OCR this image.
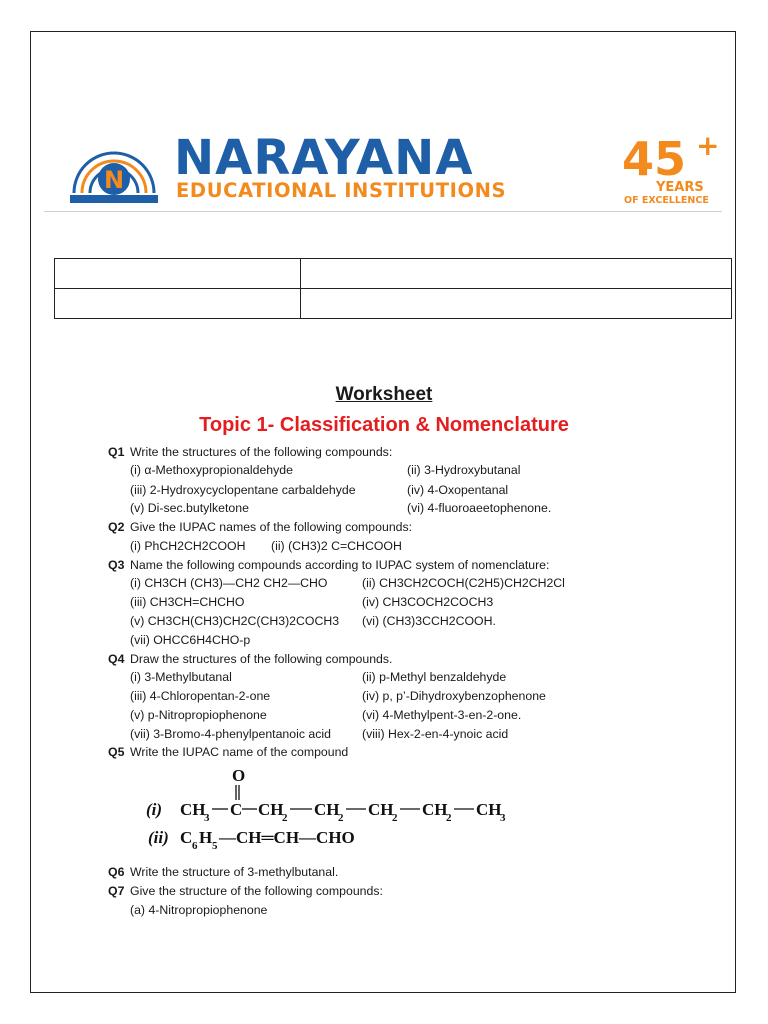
N NARAYANA
EDUCATIONAL INSTITUTIONS
45 +
YEARS
OF EXCELLENCE

Worksheet
Topic 1- Classification & Nomenclature
Q1 Write the structures of the following compounds:
(i) α-Methoxypropionaldehyde	(ii) 3-Hydroxybutanal
(iii) 2-Hydroxycyclopentane carbaldehyde	(iv) 4-Oxopentanal
(v) Di-sec.butylketone	(vi) 4-fluoroaeetophenone.
Q2 Give the IUPAC names of the following compounds:
(i) PhCH2CH2COOH (ii) (CH3)2 C=CHCOOH
Q3 Name the following compounds according to IUPAC system of nomenclature:
(i) CH3CH (CH3)—CH2 CH2—CHO	(ii) CH3CH2COCH(C2H5)CH2CH2Cl
(iii) CH3CH=CHCHO	(iv) CH3COCH2COCH3
(v) CH3CH(CH3)CH2C(CH3)2COCH3 (vi) (CH3)3CCH2COOH.
(vii) OHCC6H4CHO-p
Q4 Draw the structures of the following compounds.
(i) 3-Methylbutanal	(ii) p-Methyl benzaldehyde
(iii) 4-Chloropentan-2-one	(iv) p, p’-Dihydroxybenzophenone
(v) p-Nitropropiophenone	(vi) 4-Methylpent-3-en-2-one.
(vii) 3-Bromo-4-phenylpentanoic acid	(viii) Hex-2-en-4-ynoic acid
Q5 Write the IUPAC name of the compound
(i)
O
CH
3 C CH
2 CH
2 CH
2 CH
2 CH
3
(ii) C 6 H 5 —CH═CH—CHO
Q6 Write the structure of 3-methylbutanal.
Q7 Give the structure of the following compounds:
(a) 4-Nitropropiophenone
